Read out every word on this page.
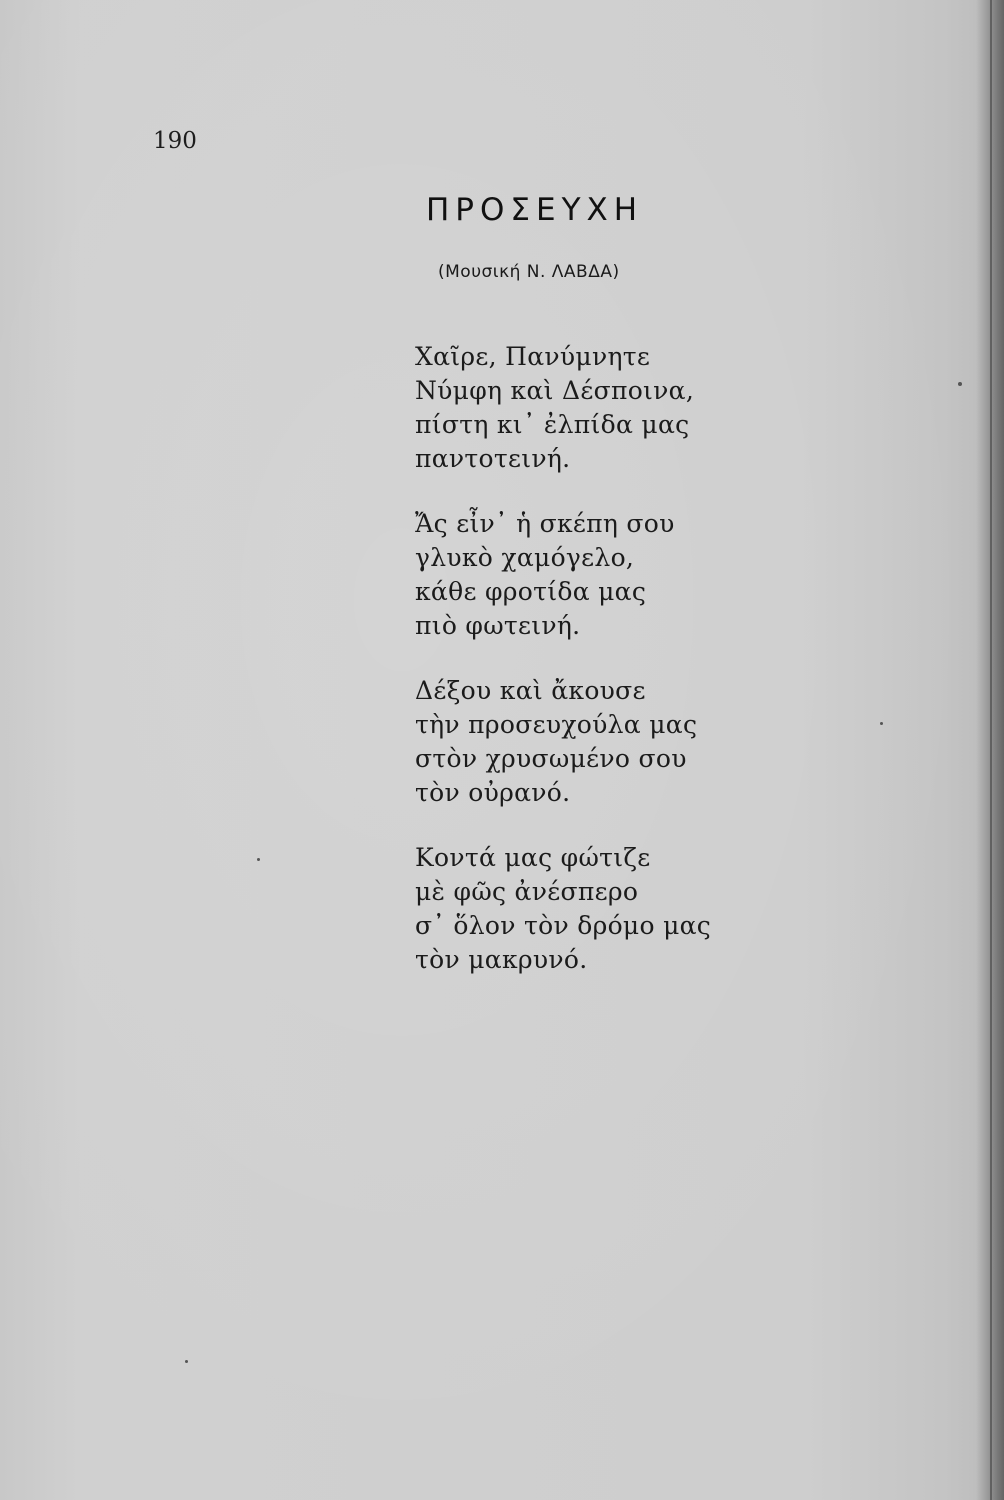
190
ΠΡΟΣΕΥΧΗ
(Μουσική Ν. ΛΑΒΔΑ)
Χαῖρε, Πανύμνητε
Νύμφη καὶ Δέσποινα,
πίστη κι᾽ ἐλπίδα μας
παντοτεινή.
Ἄς εἶν᾽ ἡ σκέπη σου
γλυκὸ χαμόγελο,
κάθε φροτίδα μας
πιὸ φωτεινή.
Δέξου καὶ ἄκουσε
τὴν προσευχούλα μας
στὸν χρυσωμένο σου
τὸν οὐρανό.
Κοντά μας φώτιζε
μὲ φῶς ἀνέσπερο
σ᾽ ὅλον τὸν δρόμο μας
τὸν μακρυνό.
